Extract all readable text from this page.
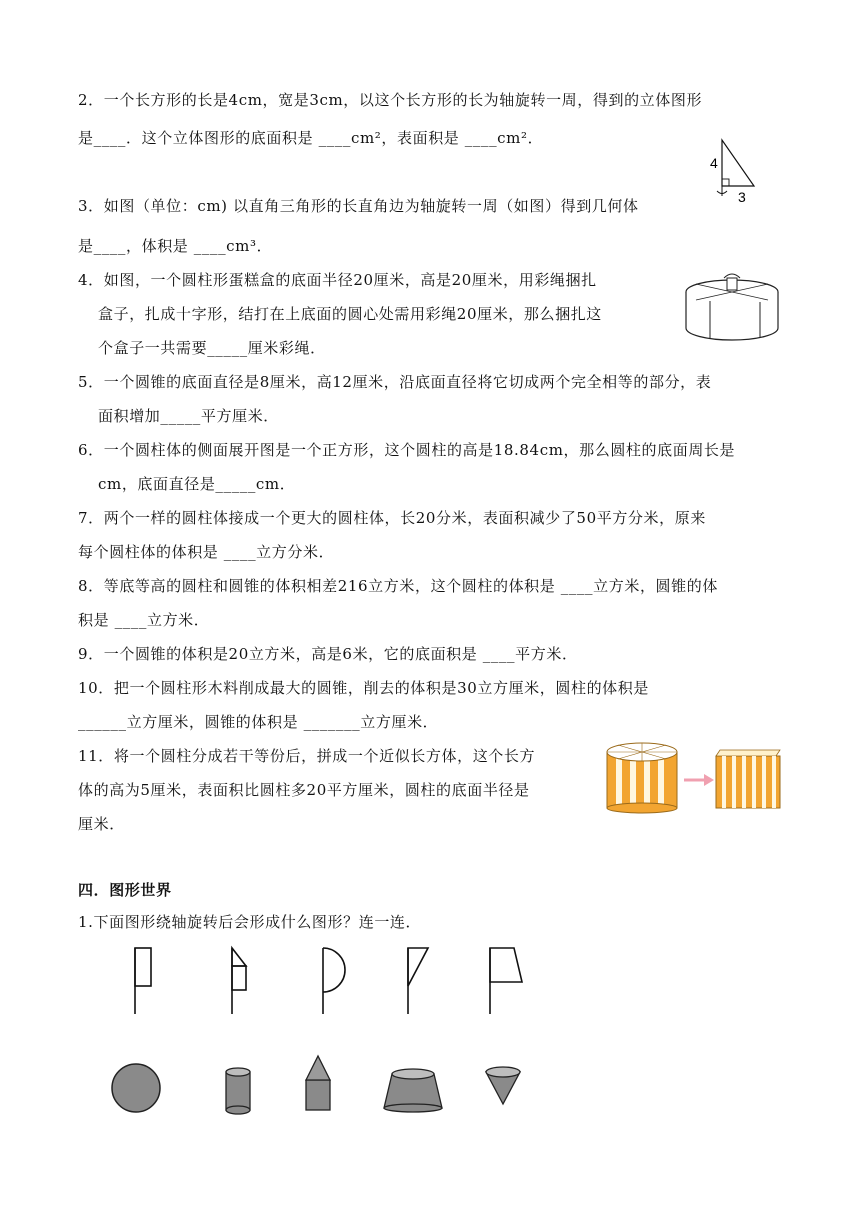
2．一个长方形的长是4cm，宽是3cm，以这个长方形的长为轴旋转一周，得到的立体图形
是____．这个立体图形的底面积是 ____cm²，表面积是 ____cm²．
4
3
3．如图（单位：cm) 以直角三角形的长直角边为轴旋转一周（如图）得到几何体
是____，体积是 ____cm³．
4．如图，一个圆柱形蛋糕盒的底面半径20厘米，高是20厘米，用彩绳捆扎
盒子，扎成十字形，结打在上底面的圆心处需用彩绳20厘米，那么捆扎这
个盒子一共需要_____厘米彩绳．
5．一个圆锥的底面直径是8厘米，高12厘米，沿底面直径将它切成两个完全相等的部分，表
面积增加_____平方厘米．
6．一个圆柱体的侧面展开图是一个正方形，这个圆柱的高是18.84cm，那么圆柱的底面周长是
cm，底面直径是_____cm．
7．两个一样的圆柱体接成一个更大的圆柱体，长20分米，表面积减少了50平方分米，原来
每个圆柱体的体积是 ____立方分米．
8．等底等高的圆柱和圆锥的体积相差216立方米，这个圆柱的体积是 ____立方米，圆锥的体
积是 ____立方米．
9．一个圆锥的体积是20立方米，高是6米，它的底面积是 ____平方米．
10．把一个圆柱形木料削成最大的圆锥，削去的体积是30立方厘米，圆柱的体积是
______立方厘米，圆锥的体积是 _______立方厘米．
11．将一个圆柱分成若干等份后，拼成一个近似长方体，这个长方
体的高为5厘米，表面积比圆柱多20平方厘米，圆柱的底面半径是
厘米．
四．图形世界
1.下面图形绕轴旋转后会形成什么图形？连一连．
